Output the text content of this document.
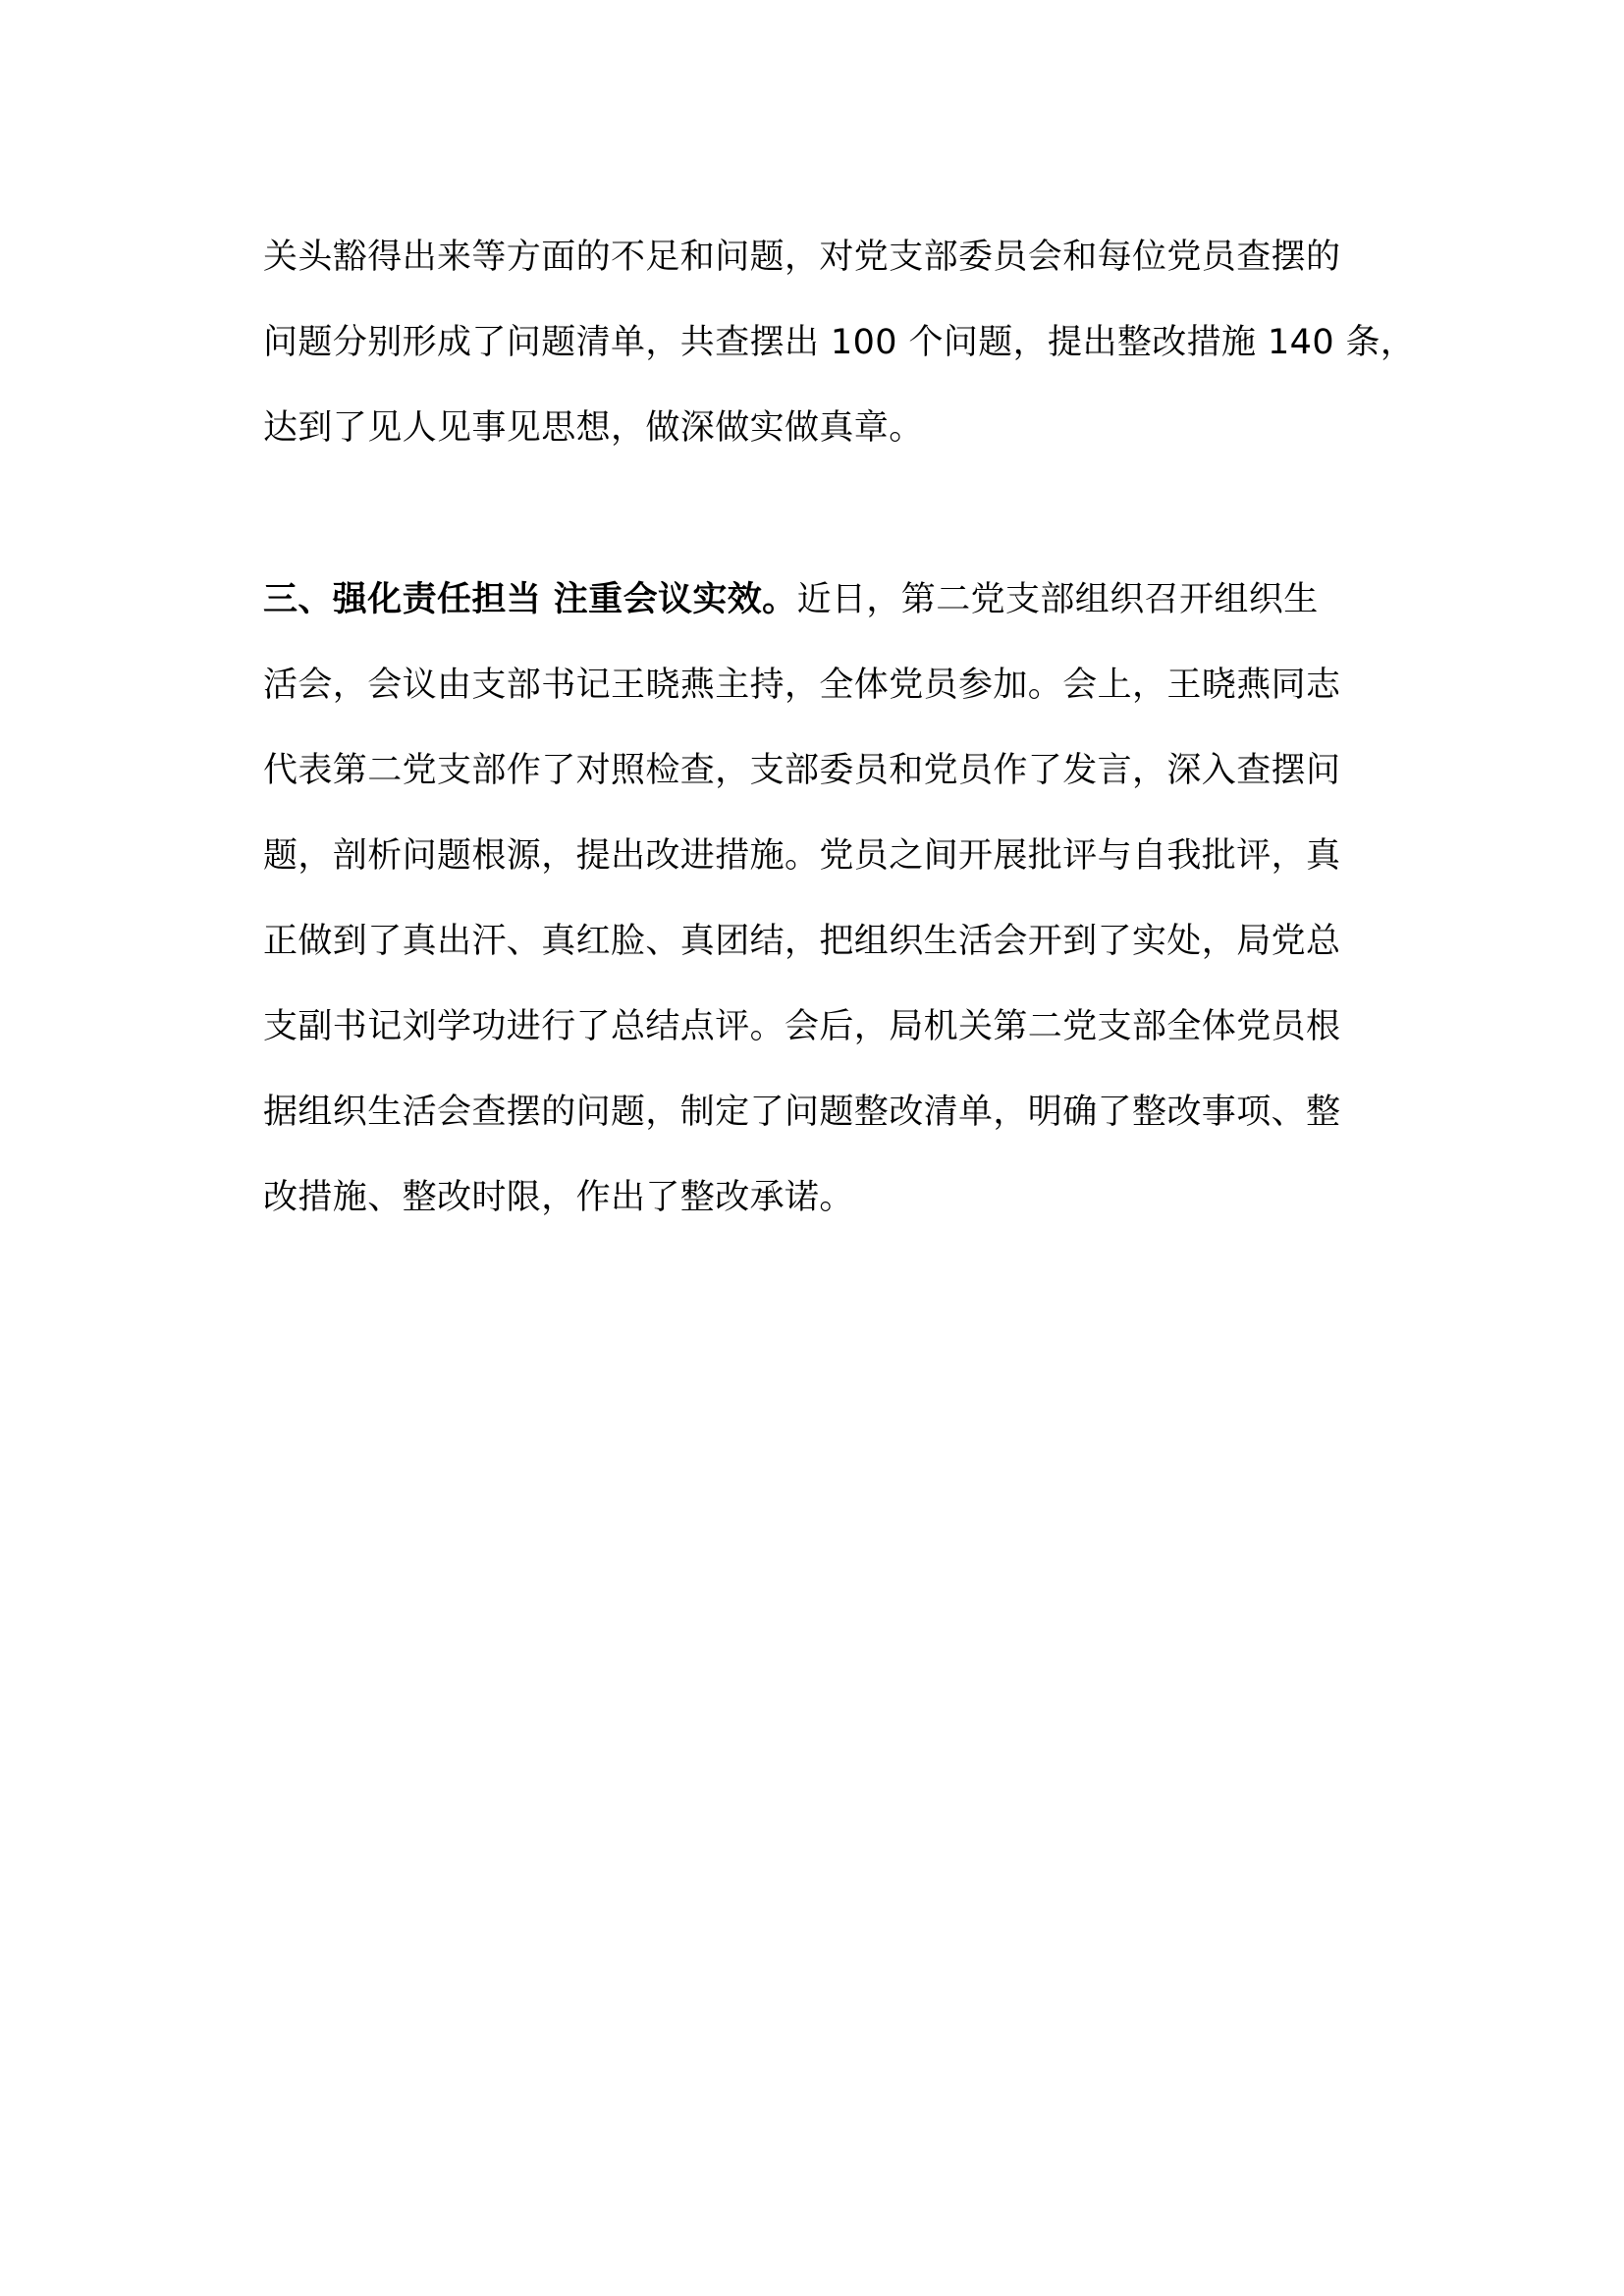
关头豁得出来等方面的不足和问题，对党支部委员会和每位党员查摆的
问题分别形成了问题清单，共查摆出 100 个问题，提出整改措施 140 条，
达到了见人见事见思想，做深做实做真章。
三、强化责任担当 注重会议实效。近日，第二党支部组织召开组织生
活会，会议由支部书记王晓燕主持，全体党员参加。会上，王晓燕同志
代表第二党支部作了对照检查，支部委员和党员作了发言，深入查摆问
题，剖析问题根源，提出改进措施。党员之间开展批评与自我批评，真
正做到了真出汗、真红脸、真团结，把组织生活会开到了实处，局党总
支副书记刘学功进行了总结点评。会后，局机关第二党支部全体党员根
据组织生活会查摆的问题，制定了问题整改清单，明确了整改事项、整
改措施、整改时限，作出了整改承诺。
